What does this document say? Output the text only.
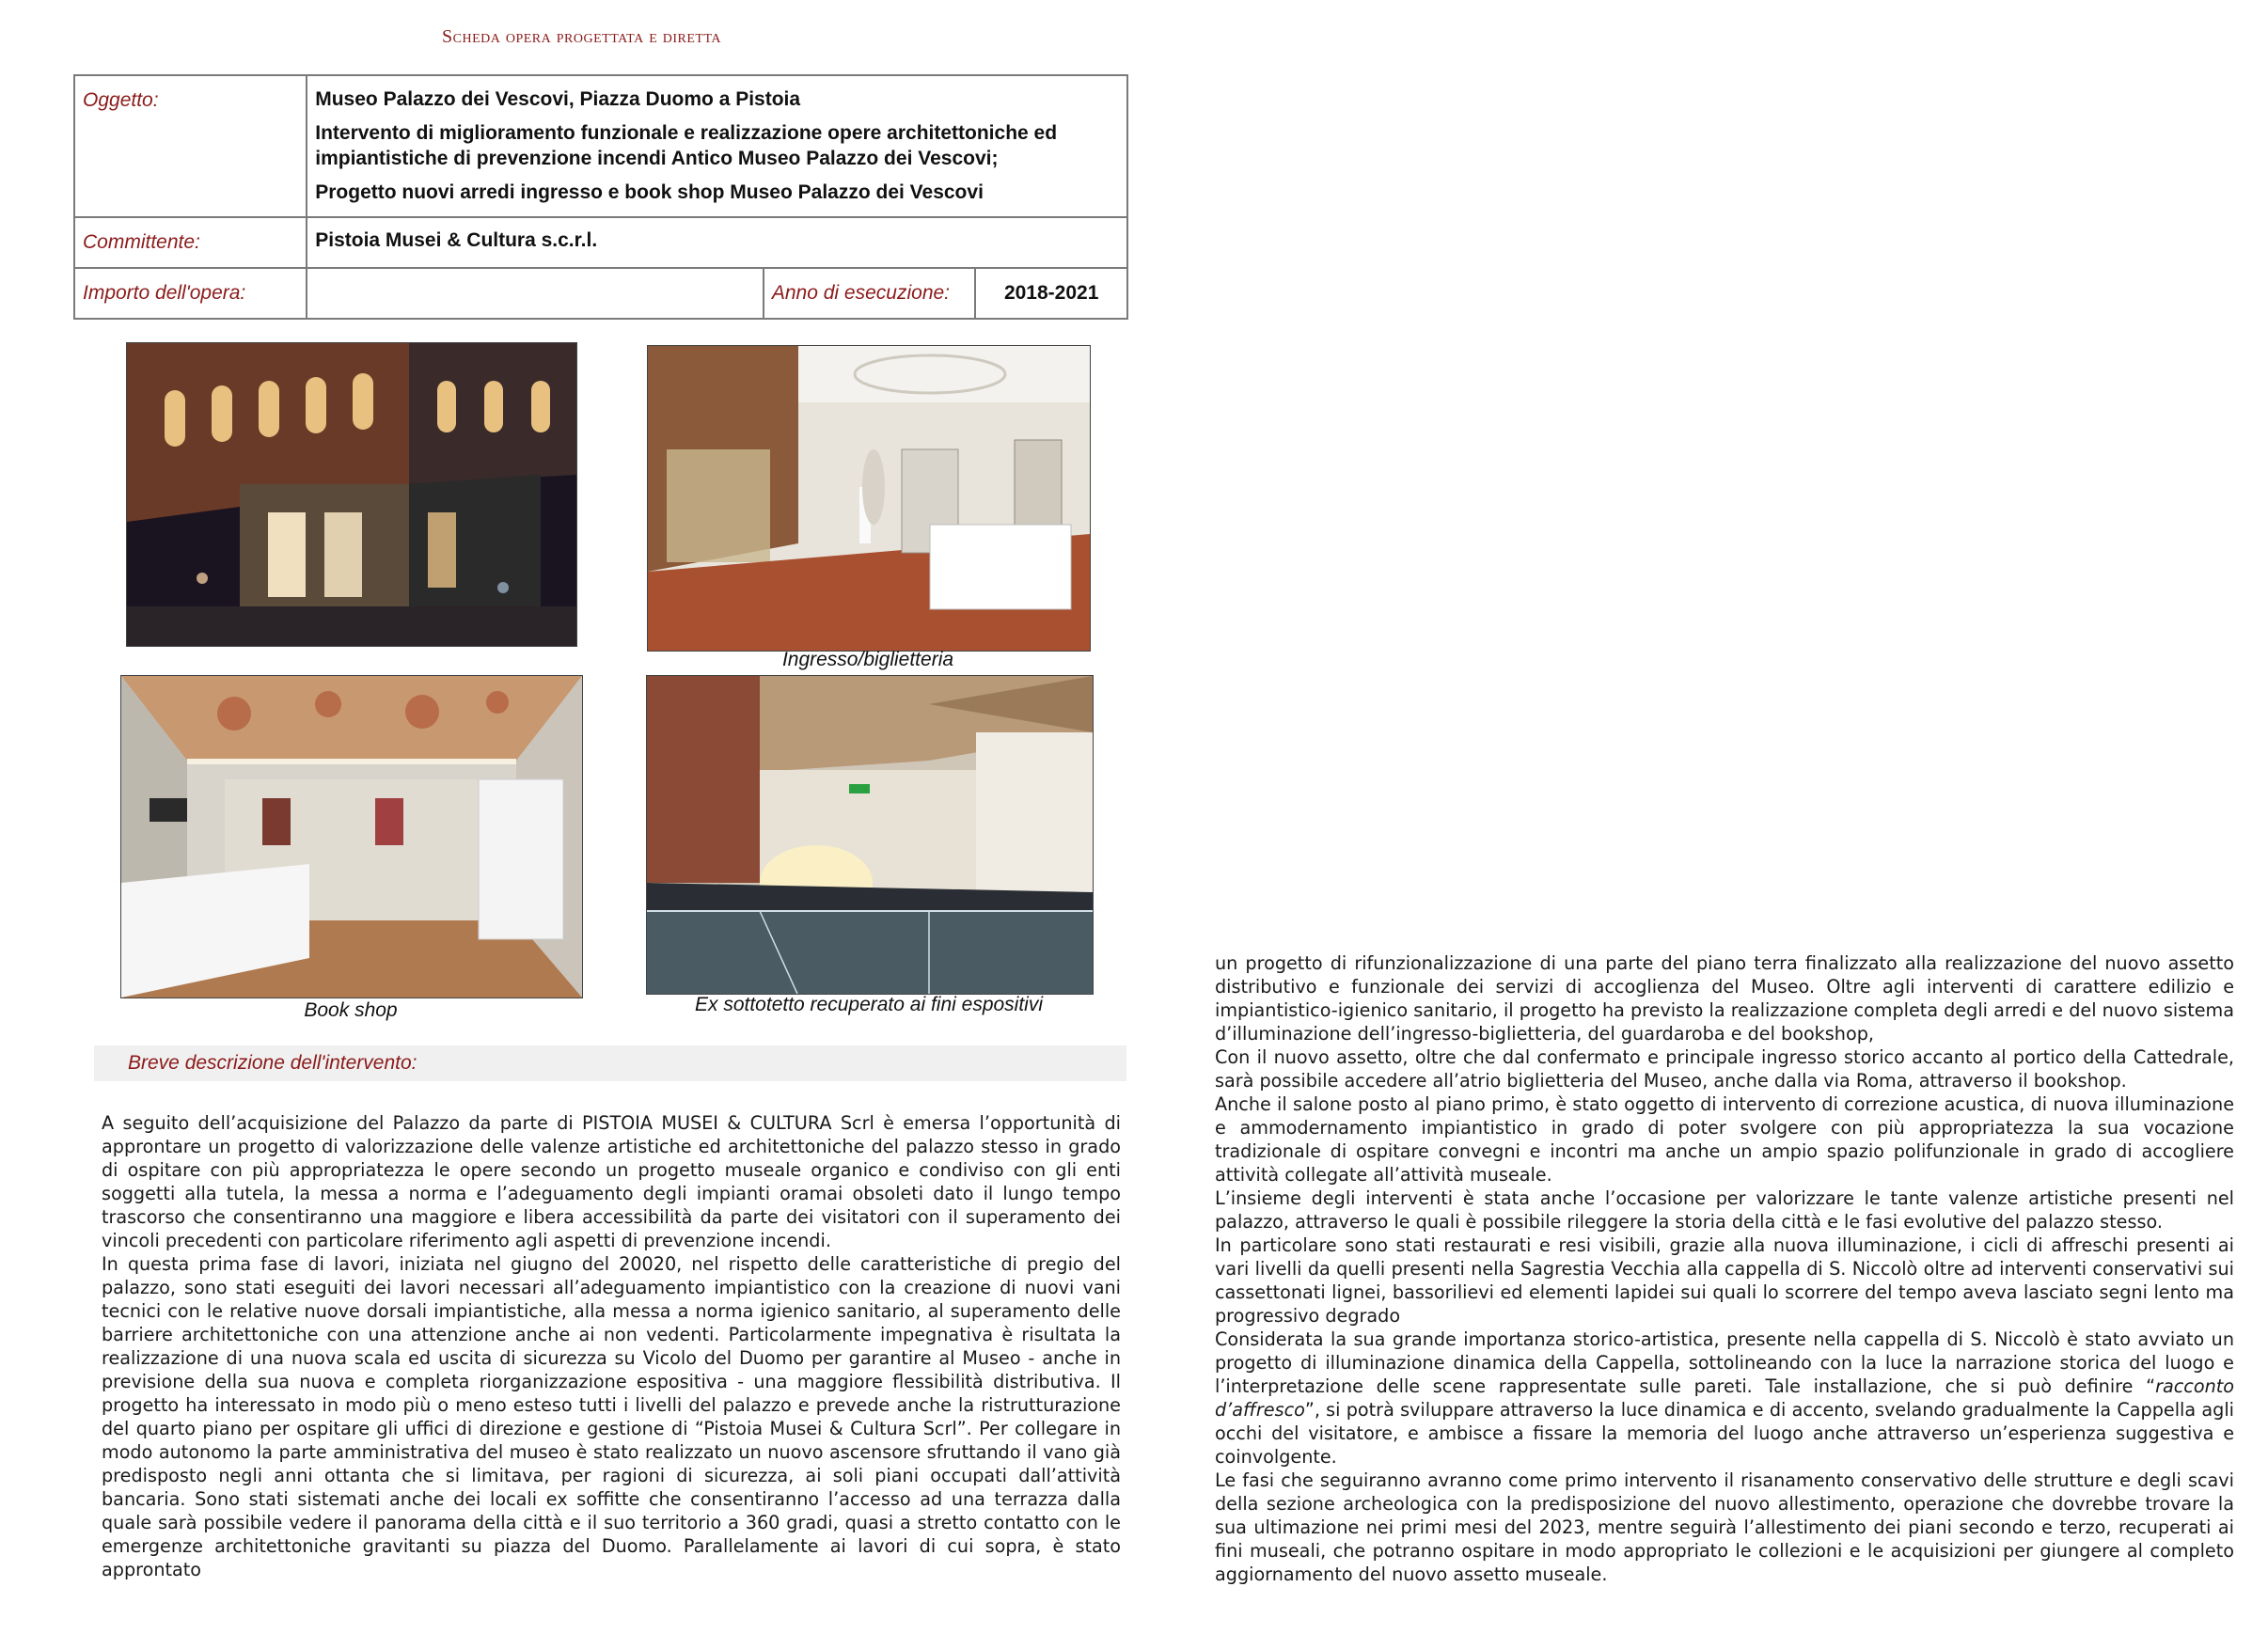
Scheda opera progettata e diretta
Oggetto:	Museo Palazzo dei Vescovi, Piazza Duomo a Pistoia

Intervento di miglioramento funzionale e realizzazione opere architettoniche ed impiantistiche di prevenzione incendi Antico Museo Palazzo dei Vescovi;

Progetto nuovi arredi ingresso e book shop Museo Palazzo dei Vescovi		

Committente:	Pistoia Musei & Cultura s.c.r.l.		
Importo dell'opera:		Anno di esecuzione:	2018-2021
Ingresso/biglietteria
Book shop	Ex sottotetto recuperato ai fini espositivi
Breve descrizione dell'intervento:

A seguito dell’acquisizione del Palazzo da parte di PISTOIA MUSEI & CULTURA Scrl è emersa l’opportunità di approntare un progetto di valorizzazione delle valenze artistiche ed architettoniche del palazzo stesso in grado di ospitare con più appropriatezza le opere secondo un progetto museale organico e condiviso con gli enti soggetti alla tutela, la messa a norma e l’adeguamento degli impianti oramai obsoleti dato il lungo tempo trascorso che consentiranno una maggiore e libera accessibilità da parte dei visitatori con il superamento dei vincoli precedenti con particolare riferimento agli aspetti di prevenzione incendi.

In questa prima fase di lavori, iniziata nel giugno del 20020, nel rispetto delle caratteristiche di pregio del palazzo, sono stati eseguiti dei lavori necessari all’adeguamento impiantistico con la creazione di nuovi vani tecnici con le relative nuove dorsali impiantistiche, alla messa a norma igienico sanitario, al superamento delle barriere architettoniche con una attenzione anche ai non vedenti. Particolarmente impegnativa è risultata la realizzazione di una nuova scala ed uscita di sicurezza su Vicolo del Duomo per garantire al Museo - anche in previsione della sua nuova e completa riorganizzazione espositiva - una maggiore flessibilità distributiva. Il progetto ha interessato in modo più o meno esteso tutti i livelli del palazzo e prevede anche la ristrutturazione del quarto piano per ospitare gli uffici di direzione e gestione di “Pistoia Musei & Cultura Scrl”. Per collegare in modo autonomo la parte amministrativa del museo è stato realizzato un nuovo ascensore sfruttando il vano già predisposto negli anni ottanta che si limitava, per ragioni di sicurezza, ai soli piani occupati dall’attività bancaria. Sono stati sistemati anche dei locali ex soffitte che consentiranno l’accesso ad una terrazza dalla quale sarà possibile vedere il panorama della città e il suo territorio a 360 gradi, quasi a stretto contatto con le emergenze architettoniche gravitanti su piazza del Duomo. Parallelamente ai lavori di cui sopra, è stato approntato

un progetto di rifunzionalizzazione di una parte del piano terra finalizzato alla realizzazione del nuovo assetto distributivo e funzionale dei servizi di accoglienza del Museo. Oltre agli interventi di carattere edilizio e impiantistico-igienico sanitario, il progetto ha previsto la realizzazione completa degli arredi e del nuovo sistema d’illuminazione dell’ingresso-biglietteria, del guardaroba e del bookshop,

Con il nuovo assetto, oltre che dal confermato e principale ingresso storico accanto al portico della Cattedrale, sarà possibile accedere all’atrio biglietteria del Museo, anche dalla via Roma, attraverso il bookshop.

Anche il salone posto al piano primo, è stato oggetto di intervento di correzione acustica, di nuova illuminazione e ammodernamento impiantistico in grado di poter svolgere con più appropriatezza la sua vocazione tradizionale di ospitare convegni e incontri ma anche un ampio spazio polifunzionale in grado di accogliere attività collegate all’attività museale.

L’insieme degli interventi è stata anche l’occasione per valorizzare le tante valenze artistiche presenti nel palazzo, attraverso le quali è possibile rileggere la storia della città e le fasi evolutive del palazzo stesso.

In particolare sono stati restaurati e resi visibili, grazie alla nuova illuminazione, i cicli di affreschi presenti ai vari livelli da quelli presenti nella Sagrestia Vecchia alla cappella di S. Niccolò oltre ad interventi conservativi sui cassettonati lignei, bassorilievi ed elementi lapidei sui quali lo scorrere del tempo aveva lasciato segni lento ma progressivo degrado

Considerata la sua grande importanza storico-artistica, presente nella cappella di S. Niccolò è stato avviato un progetto di illuminazione dinamica della Cappella, sottolineando con la luce la narrazione storica del luogo e l’interpretazione delle scene rappresentate sulle pareti. Tale installazione, che si può definire “racconto d’affresco”, si potrà sviluppare attraverso la luce dinamica e di accento, svelando gradualmente la Cappella agli occhi del visitatore, e ambisce a fissare la memoria del luogo anche attraverso un’esperienza suggestiva e coinvolgente.

Le fasi che seguiranno avranno come primo intervento il risanamento conservativo delle strutture e degli scavi della sezione archeologica con la predisposizione del nuovo allestimento, operazione che dovrebbe trovare la sua ultimazione nei primi mesi del 2023, mentre seguirà l’allestimento dei piani secondo e terzo, recuperati ai fini museali, che potranno ospitare in modo appropriato le collezioni e le acquisizioni per giungere al completo aggiornamento del nuovo assetto museale.
